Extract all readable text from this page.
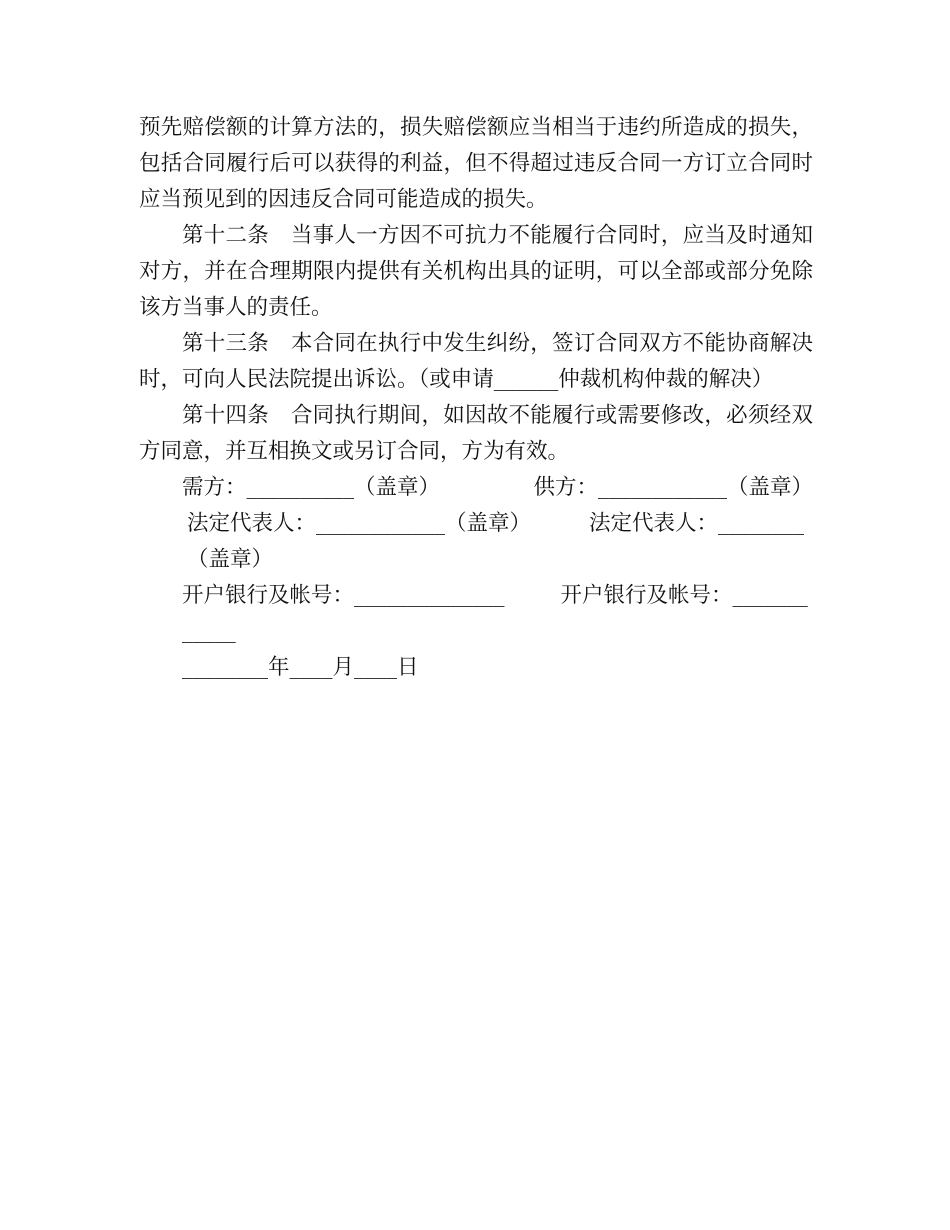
预先赔偿额的计算方法的，损失赔偿额应当相当于违约所造成的损失，包括合同履行后可以获得的利益，但不得超过违反合同一方订立合同时应当预见到的因违反合同可能造成的损失。

第十二条　当事人一方因不可抗力不能履行合同时，应当及时通知对方，并在合理期限内提供有关机构出具的证明，可以全部或部分免除该方当事人的责任。

第十三条　本合同在执行中发生纠纷，签订合同双方不能协商解决时，可向人民法院提出诉讼。（或申请______仲裁机构仲裁的解决）

第十四条　合同执行期间，如因故不能履行或需要修改，必须经双方同意，并互相换文或另订合同，方为有效。

需方：__________（盖章）	供方：____________（盖章）
法定代表人：____________（盖章）	法定代表人：________（盖章）
开户银行及帐号：______________	开户银行及帐号：____________
________年____月____日
